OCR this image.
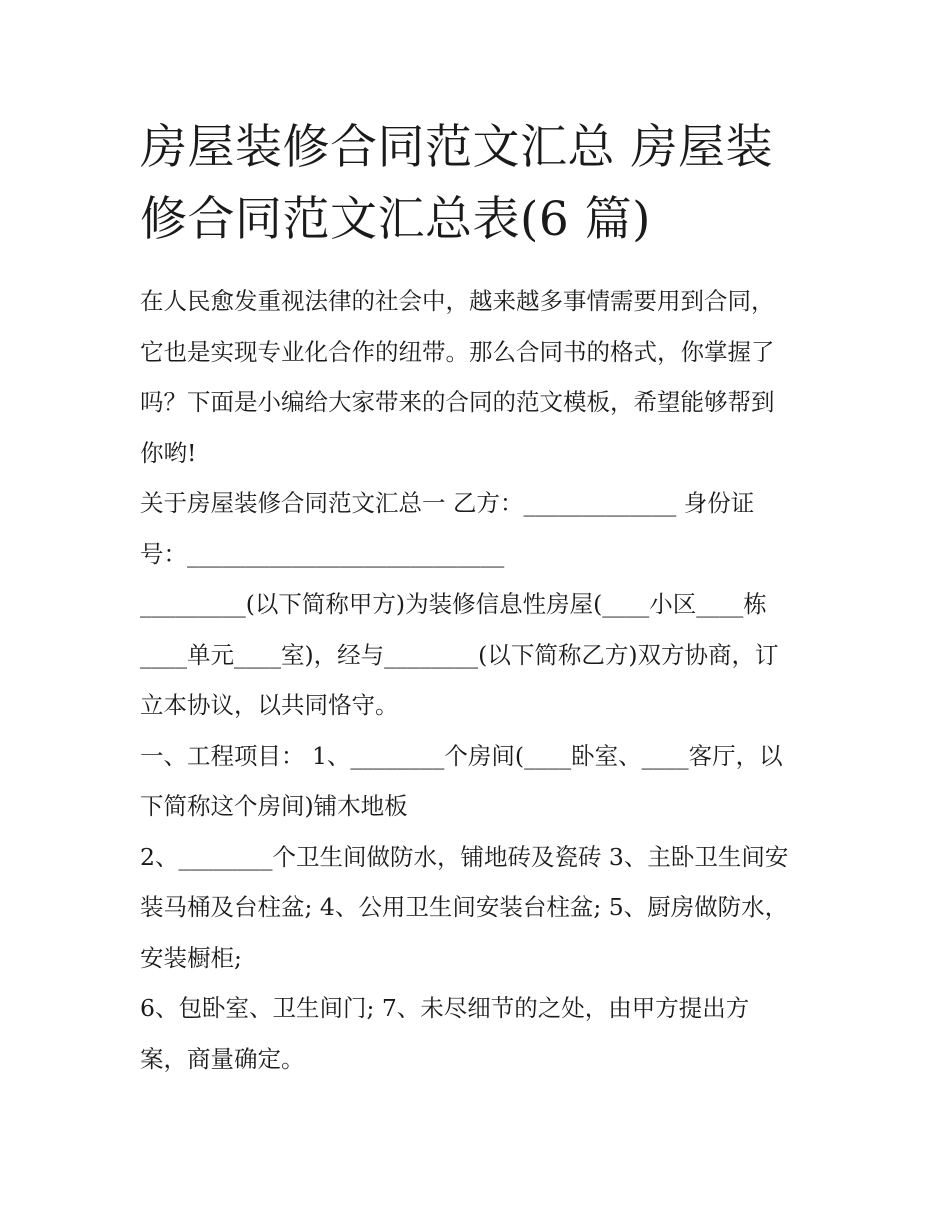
房屋装修合同范文汇总 房屋装
修合同范文汇总表(6 篇)
在人民愈发重视法律的社会中，越来越多事情需要用到合同，
它也是实现专业化合作的纽带。那么合同书的格式，你掌握了
吗？下面是小编给大家带来的合同的范文模板，希望能够帮到
你哟!
关于房屋装修合同范文汇总一 乙方：_____________ 身份证
号：___________________________
_________(以下简称甲方)为装修信息性房屋(____小区____栋
____单元____室)，经与________(以下简称乙方)双方协商，订
立本协议，以共同恪守。
一、工程项目： 1、________个房间(____卧室、____客厅，以
下简称这个房间)铺木地板
2、________个卫生间做防水，铺地砖及瓷砖 3、主卧卫生间安
装马桶及台柱盆; 4、公用卫生间安装台柱盆; 5、厨房做防水，
安装橱柜;
6、包卧室、卫生间门; 7、未尽细节的之处，由甲方提出方
案，商量确定。
